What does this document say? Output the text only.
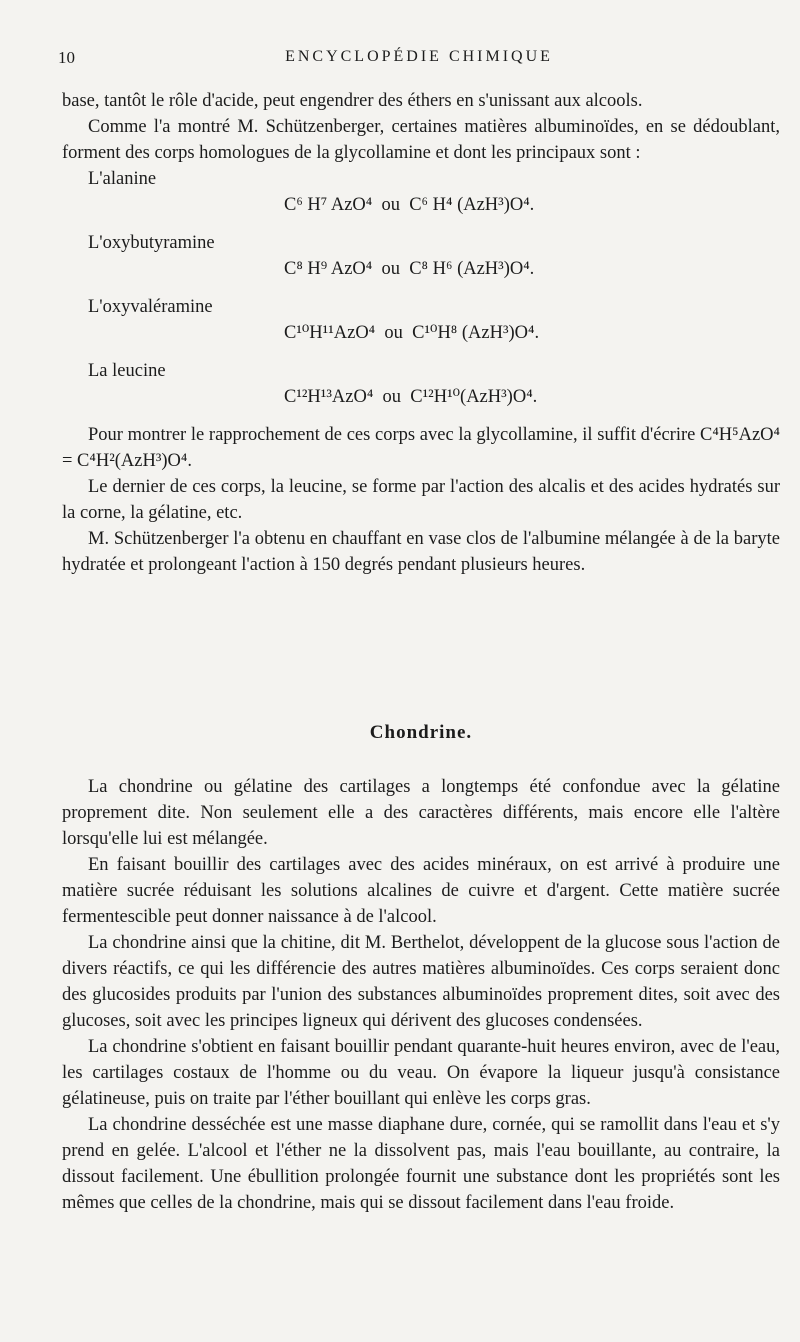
10	ENCYCLOPÉDIE CHIMIQUE

base, tantôt le rôle d'acide, peut engendrer des éthers en s'unissant aux alcools.

Comme l'a montré M. Schützenberger, certaines matières albuminoïdes, en se dédoublant, forment des corps homologues de la glycollamine et dont les principaux sont :

L'alanine

C⁶ H⁷ AzO⁴ ou C⁶ H⁴ (AzH³)O⁴.

L'oxybutyramine

C⁸ H⁹ AzO⁴ ou C⁸ H⁶ (AzH³)O⁴.

L'oxyvaléramine

C¹⁰H¹¹AzO⁴ ou C¹⁰H⁸ (AzH³)O⁴.

La leucine

C¹²H¹³AzO⁴ ou C¹²H¹⁰(AzH³)O⁴.

Pour montrer le rapprochement de ces corps avec la glycollamine, il suffit d'écrire C⁴H⁵AzO⁴ = C⁴H²(AzH³)O⁴.

Le dernier de ces corps, la leucine, se forme par l'action des alcalis et des acides hydratés sur la corne, la gélatine, etc.

M. Schützenberger l'a obtenu en chauffant en vase clos de l'albumine mélangée à de la baryte hydratée et prolongeant l'action à 150 degrés pendant plusieurs heures.

Chondrine.

La chondrine ou gélatine des cartilages a longtemps été confondue avec la gélatine proprement dite. Non seulement elle a des caractères différents, mais encore elle l'altère lorsqu'elle lui est mélangée.

En faisant bouillir des cartilages avec des acides minéraux, on est arrivé à produire une matière sucrée réduisant les solutions alcalines de cuivre et d'argent. Cette matière sucrée fermentescible peut donner naissance à de l'alcool.

La chondrine ainsi que la chitine, dit M. Berthelot, développent de la glucose sous l'action de divers réactifs, ce qui les différencie des autres matières albuminoïdes. Ces corps seraient donc des glucosides produits par l'union des substances albuminoïdes proprement dites, soit avec des glucoses, soit avec les principes ligneux qui dérivent des glucoses condensées.

La chondrine s'obtient en faisant bouillir pendant quarante-huit heures environ, avec de l'eau, les cartilages costaux de l'homme ou du veau. On évapore la liqueur jusqu'à consistance gélatineuse, puis on traite par l'éther bouillant qui enlève les corps gras.

La chondrine desséchée est une masse diaphane dure, cornée, qui se ramollit dans l'eau et s'y prend en gelée. L'alcool et l'éther ne la dissolvent pas, mais l'eau bouillante, au contraire, la dissout facilement. Une ébullition prolongée fournit une substance dont les propriétés sont les mêmes que celles de la chondrine, mais qui se dissout facilement dans l'eau froide.
